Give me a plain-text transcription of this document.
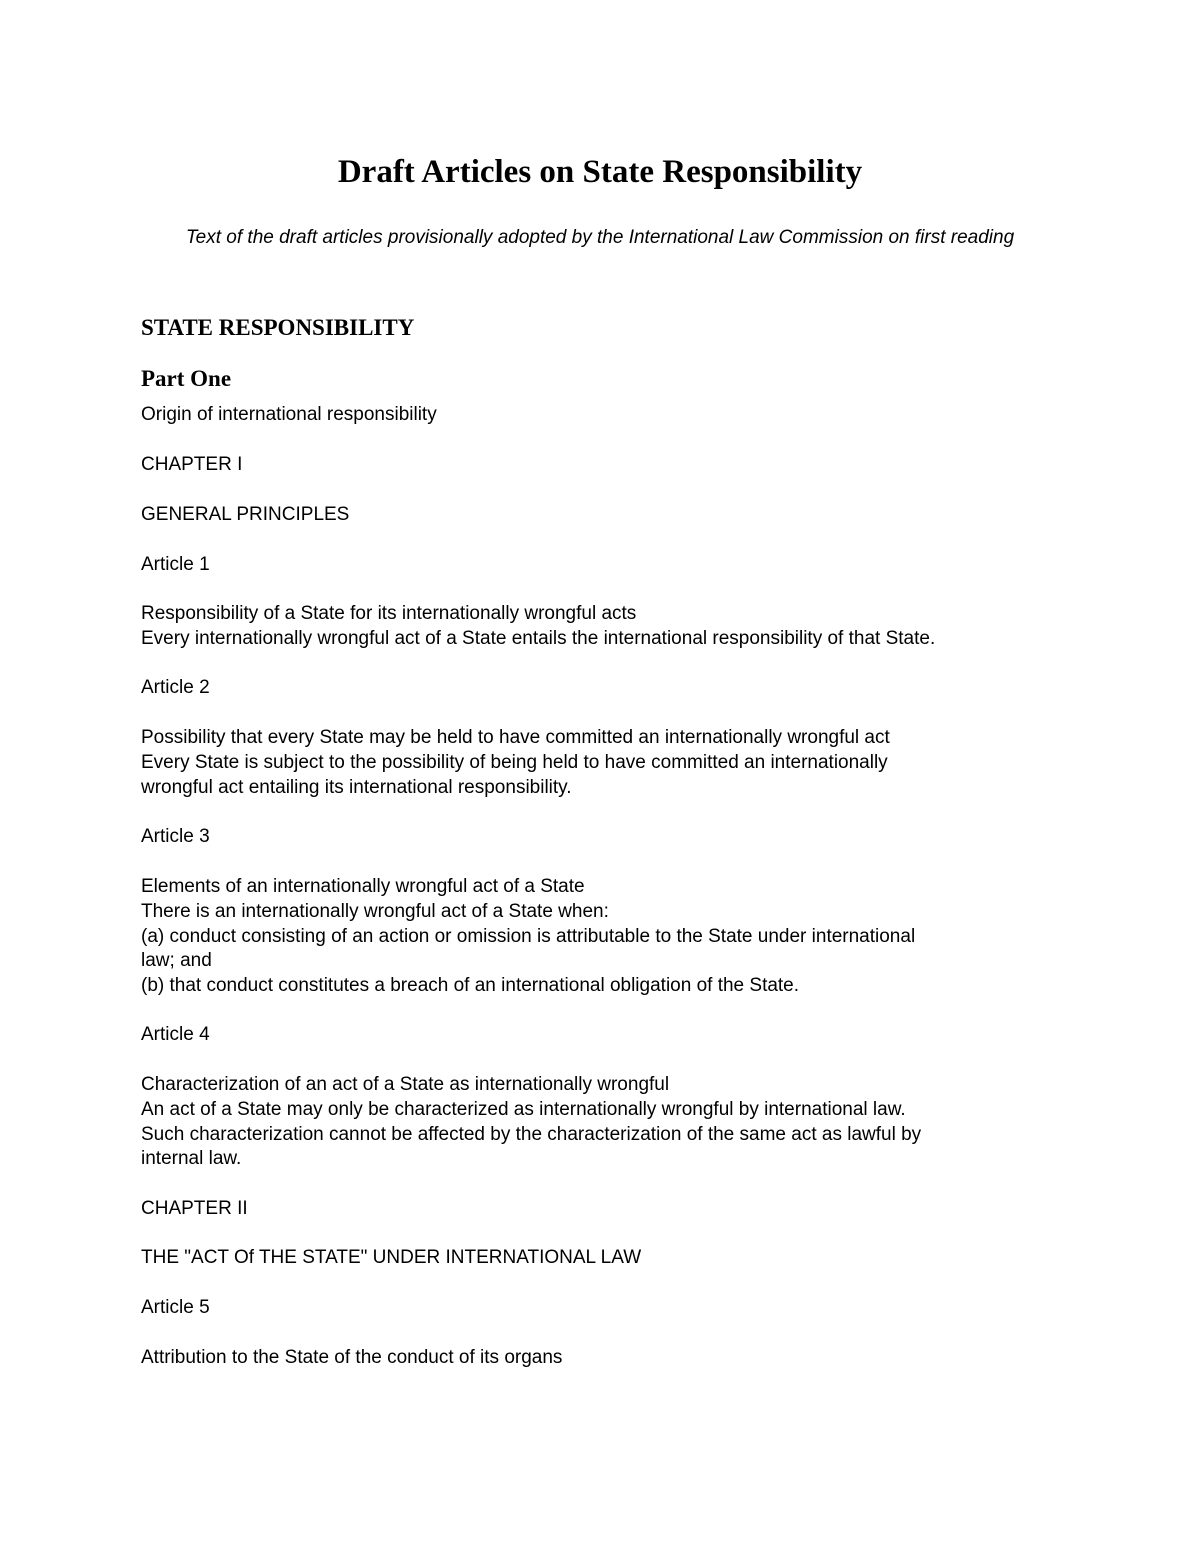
Draft Articles on State Responsibility

Text of the draft articles provisionally adopted by the International Law Commission on first reading

STATE RESPONSIBILITY
Part One

Origin of international responsibility

CHAPTER I

GENERAL PRINCIPLES

Article 1

Responsibility of a State for its internationally wrongful acts

Every internationally wrongful act of a State entails the international responsibility of that State.

Article 2

Possibility that every State may be held to have committed an internationally wrongful act

Every State is subject to the possibility of being held to have committed an internationally

wrongful act entailing its international responsibility.

Article 3

Elements of an internationally wrongful act of a State

There is an internationally wrongful act of a State when:

(a) conduct consisting of an action or omission is attributable to the State under international

law; and

(b) that conduct constitutes a breach of an international obligation of the State.

Article 4

Characterization of an act of a State as internationally wrongful

An act of a State may only be characterized as internationally wrongful by international law.

Such characterization cannot be affected by the characterization of the same act as lawful by

internal law.

CHAPTER II

THE "ACT Of THE STATE" UNDER INTERNATIONAL LAW

Article 5

Attribution to the State of the conduct of its organs
